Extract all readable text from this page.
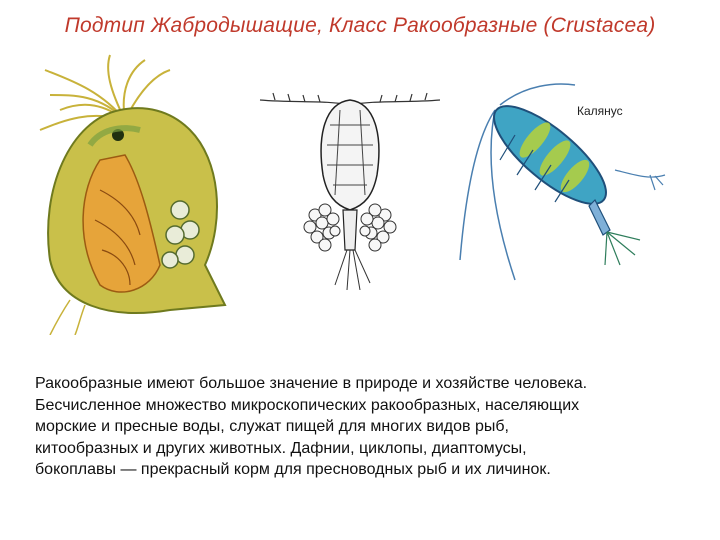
Подтип Жабродышащие, Класс Ракообразные (Crustacea)
Калянус
Ракообразные имеют большое значение в природе и хозяйстве человека.
Бесчисленное множество микроскопических ракообразных, населяющих
морские и пресные воды, служат пищей для многих видов рыб,
китообразных и других животных. Дафнии, циклопы, диаптомусы,
бокоплавы — прекрасный корм для пресноводных рыб и их личинок.
